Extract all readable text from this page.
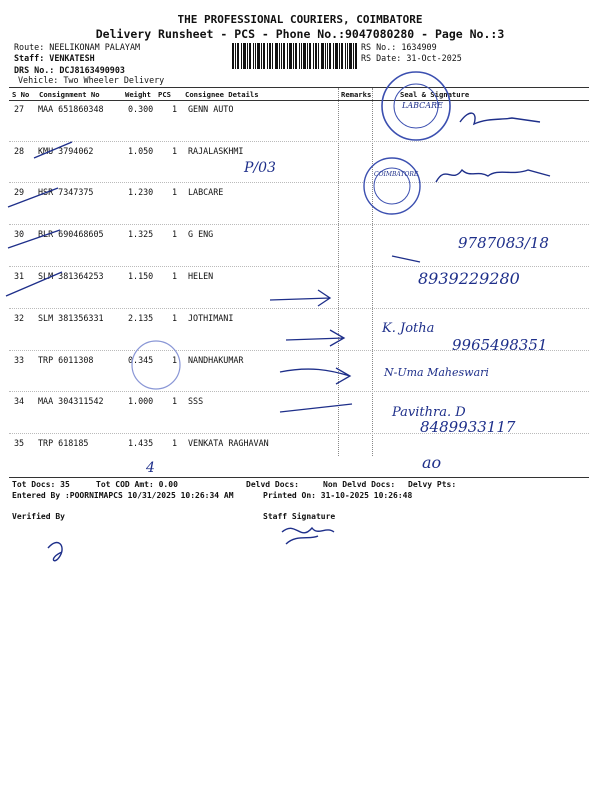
THE PROFESSIONAL COURIERS, COIMBATORE
Delivery Runsheet - PCS - Phone No.:9047080280 - Page No.:3
Route: NEELIKONAM PALAYAM
Staff: VENKATESH
DRS No.: DCJ8163490903
Vehicle: Two Wheeler Delivery
RS No.: 1634909
RS Date: 31-Oct-2025
S No Consignment No	Weight PCS Consignee Details	Remarks	Seal & Signature
27 MAA 651860348	0.300 1 GENN AUTO
28 KMU 3794062	1.050 1 RAJALASKHMI
29 HSR 7347375	1.230 1 LABCARE
30 BLR 690468605	1.325 1 G ENG
31 SLM 381364253	1.150 1 HELEN
32 SLM 381356331	2.135 1 JOTHIMANI
33 TRP 6011308	0.345 1 NANDHAKUMAR
34 MAA 304311542	1.000 1 SSS
35 TRP 618185	1.435 1 VENKATA RAGHAVAN
Tot Docs: 35	Tot COD Amt: 0.00	Delvd Docs:	Non Delvd Docs: Delvy Pts:
Entered By :POORNIMAPCS 10/31/2025 10:26:34 AM	Printed On: 31-10-2025 10:26:48
Verified By	Staff Signature
LABCARE
COIMBATORE
P/03
9787083/18
8939229280
K. Jotha
9965498351
N-Uma Maheswari
Pavithra. D
8489933117
4	ao
